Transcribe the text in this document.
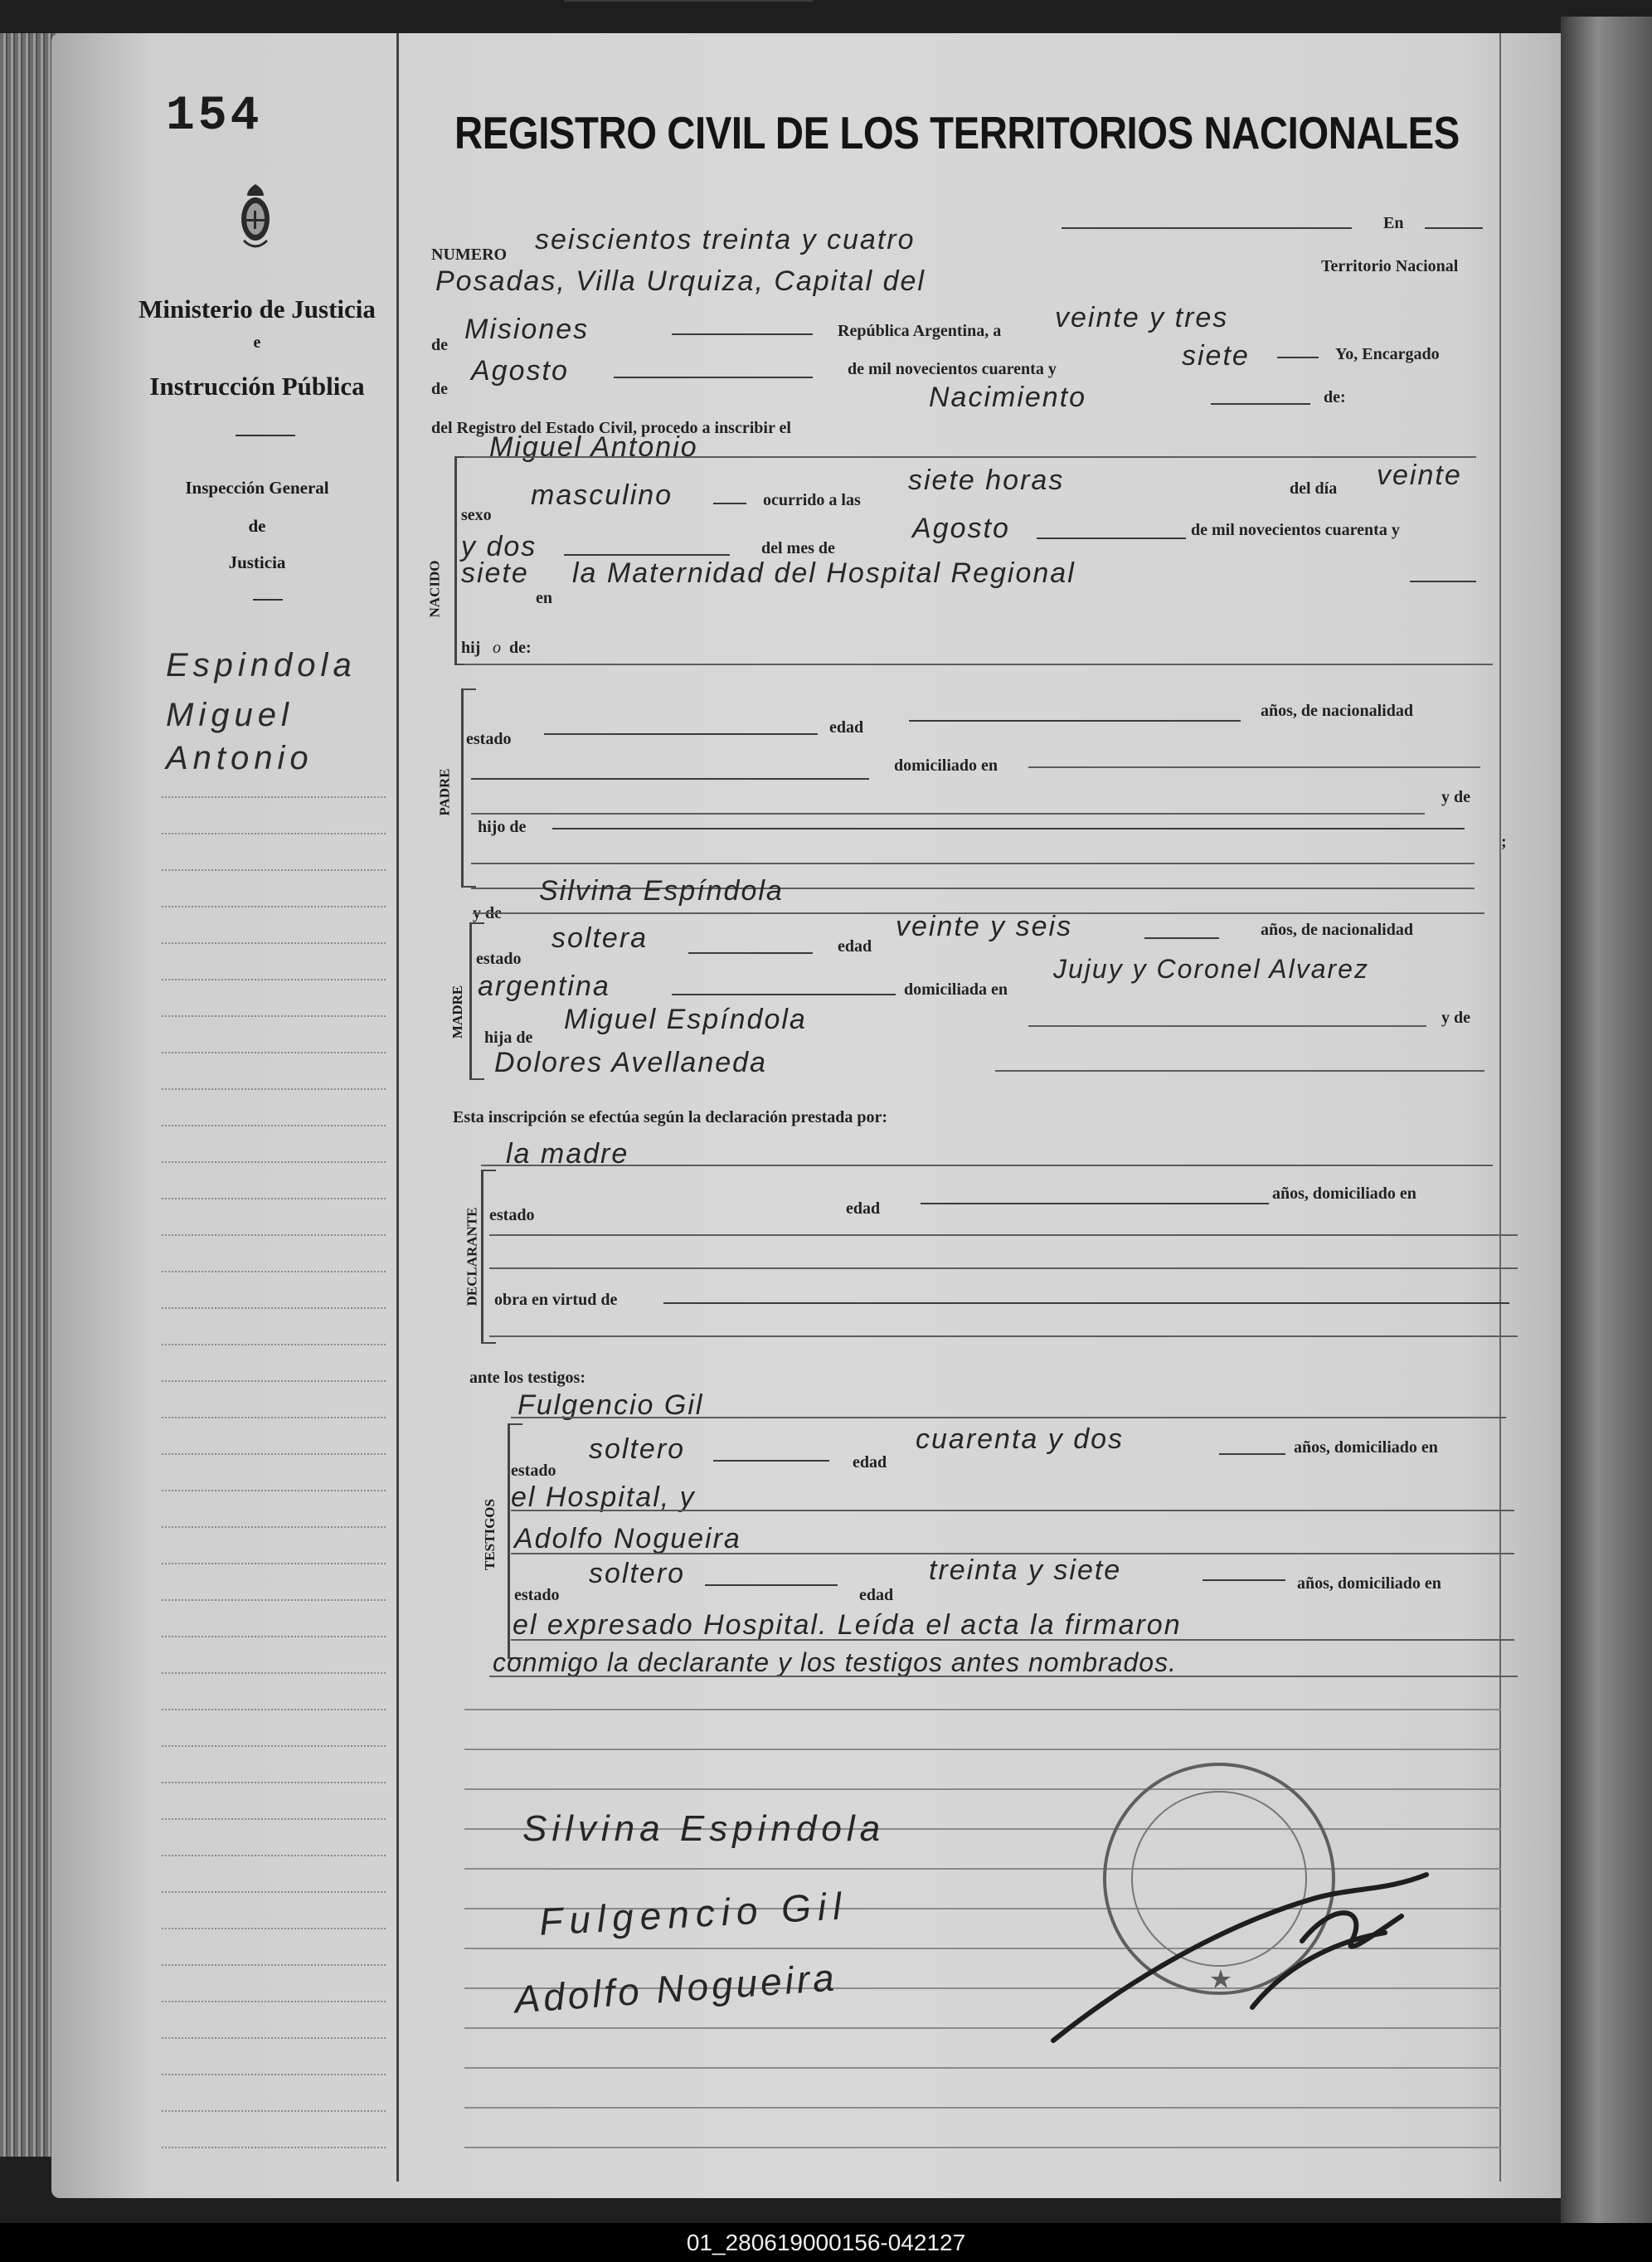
154
Ministerio de Justicia
e
Instrucción Pública
Inspección General
de
Justicia
Espindola
Miguel
Antonio
REGISTRO CIVIL DE LOS TERRITORIOS NACIONALES
NUMERO seiscientos treinta y cuatro
En
Posadas, Villa Urquiza, Capital del	Territorio Nacional
de Misiones	República Argentina, a veinte y tres
de
Agosto	de mil novecientos cuarenta y	siete	Yo, Encargado
del Registro del Estado Civil, procedo a inscribir el
Nacimiento	de:
NACIDO
Miguel Antonio
sexo
masculino	ocurrido a las
siete horas	del día veinte
y dos	del mes de
Agosto	de mil novecientos cuarenta y
siete
en
la Maternidad del Hospital Regional
hij o de:
PADRE
estado
edad
años, de nacionalidad
domiciliado en
y de
hijo de
;
y de
Silvina Espíndola
MADRE
estado
soltera	edad
veinte y seis	años, de nacionalidad
argentina	domiciliada en
Jujuy y Coronel Alvarez
hija de
Miguel Espíndola	y de
Dolores Avellaneda
Esta inscripción se efectúa según la declaración prestada por:
la madre
DECLARANTE estado	edad
años, domiciliado en
obra en virtud de
ante los testigos:
Fulgencio Gil
TESTIGOS
estado
soltero	edad
cuarenta y dos	años, domiciliado en
el Hospital, y
Adolfo Nogueira
estado
soltero
edad
treinta y siete	años, domiciliado en
el expresado Hospital. Leída el acta la firmaron
conmigo la declarante y los testigos antes nombrados.
Silvina Espindola
Fulgencio Gil
Adolfo Nogueira
01_280619000156-042127
